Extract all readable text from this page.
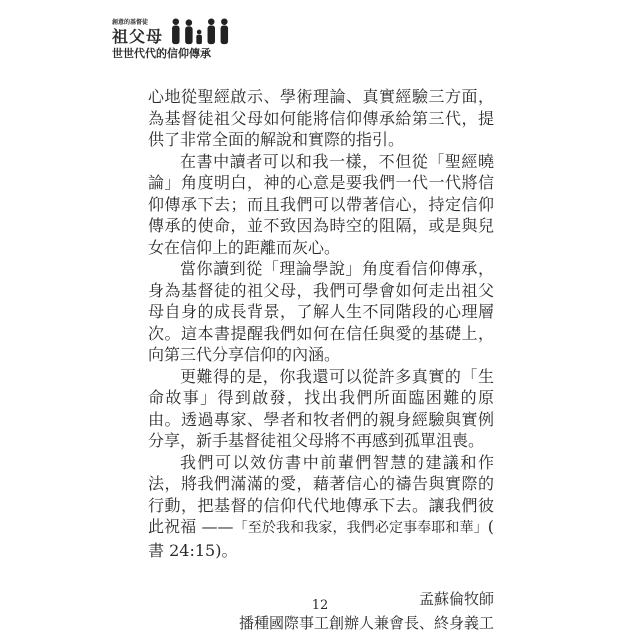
創意的基督徒
祖父母
世世代代的信仰傳承

心地從聖經啟示、學術理論、真實經驗三方面，為基督徒祖父母如何能將信仰傳承給第三代，提供了非常全面的解說和實際的指引。

在書中讀者可以和我一樣，不但從「聖經曉論」角度明白，神的心意是要我們一代一代將信仰傳承下去；而且我們可以帶著信心，持定信仰傳承的使命，並不致因為時空的阻隔，或是與兒女在信仰上的距離而灰心。

當你讀到從「理論學說」角度看信仰傳承，身為基督徒的祖父母，我們可學會如何走出祖父母自身的成長背景，了解人生不同階段的心理層次。這本書提醒我們如何在信任與愛的基礎上，向第三代分享信仰的內涵。

更難得的是，你我還可以從許多真實的「生命故事」得到啟發，找出我們所面臨困難的原由。透過專家、學者和牧者們的親身經驗與實例分享，新手基督徒祖父母將不再感到孤單沮喪。

我們可以效仿書中前輩們智慧的建議和作法，將我們滿滿的愛，藉著信心的禱告與實際的行動，把基督的信仰代代地傳承下去。讓我們彼此祝福 ——「至於我和我家，我們必定事奉耶和華」( 書 24:15)。

孟蘇倫牧師
播種國際事工創辦人兼會長、終身義工
12
